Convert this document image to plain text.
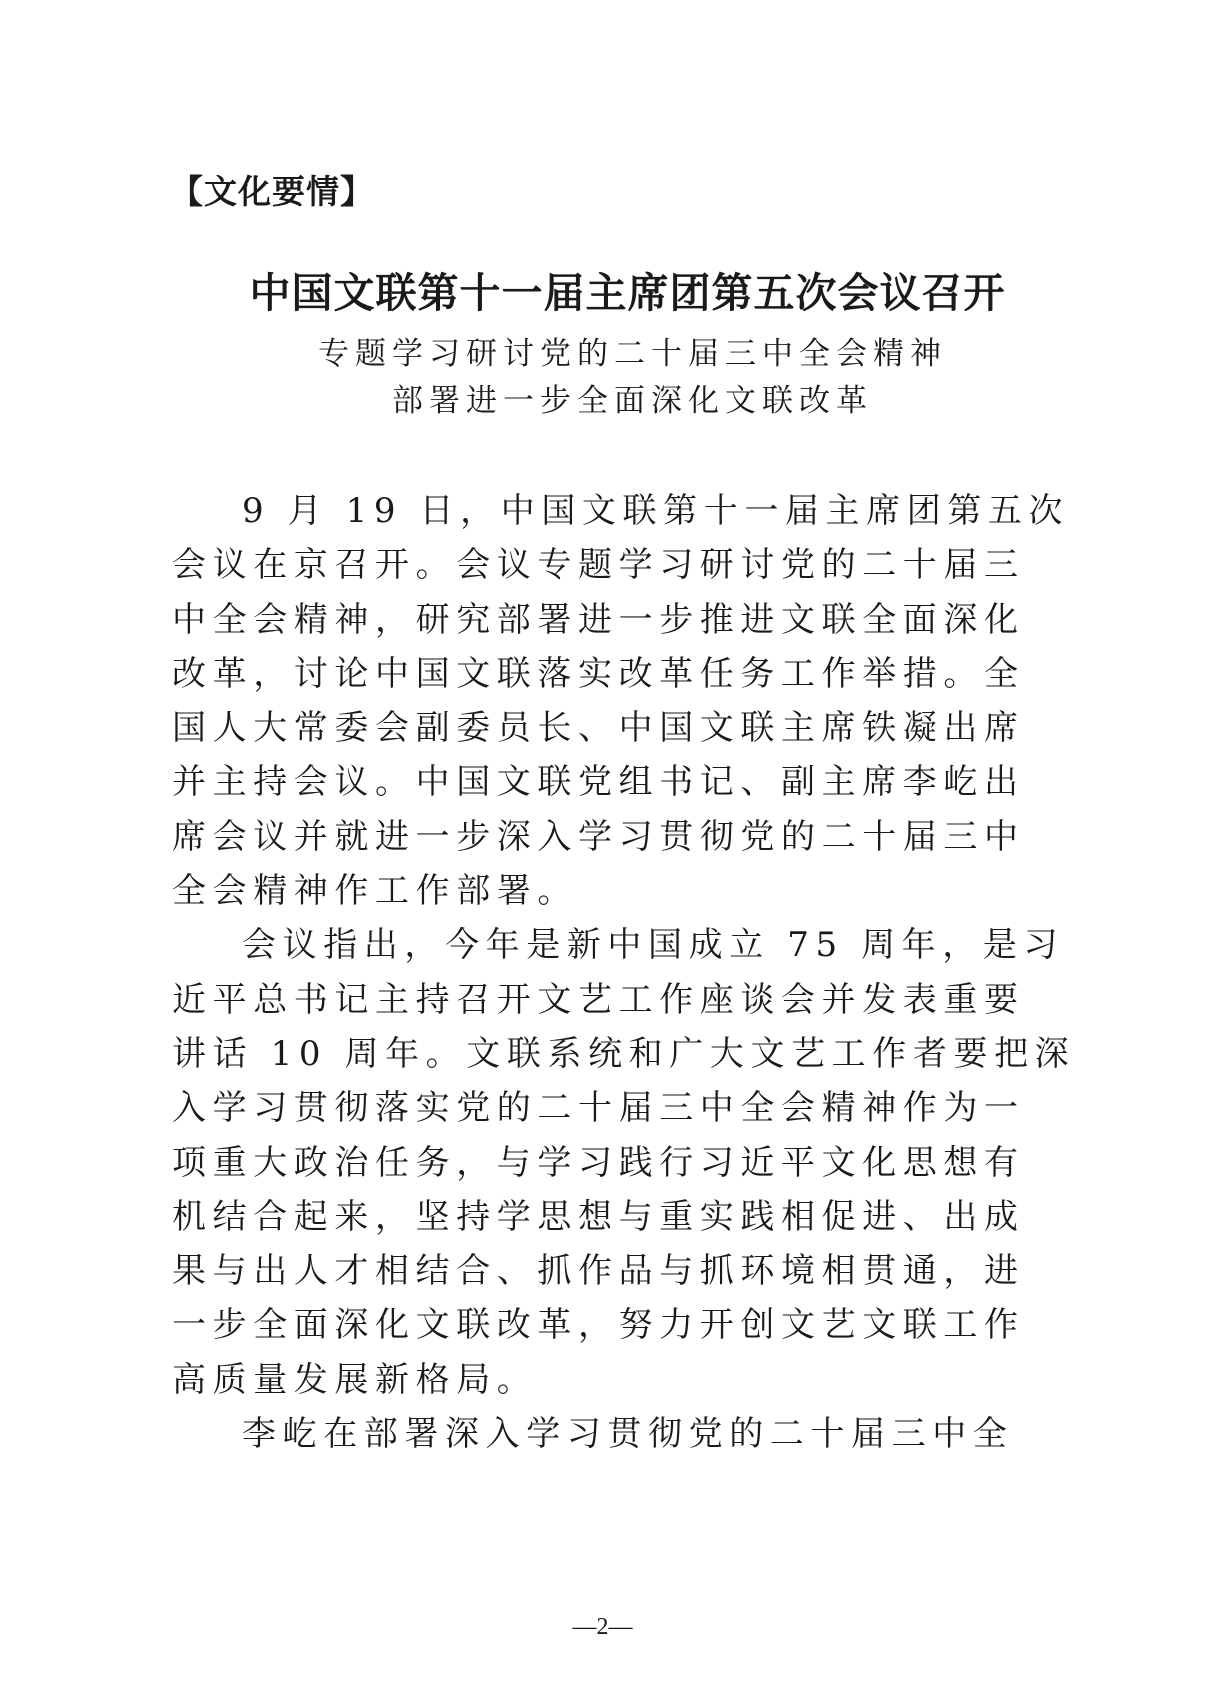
【文化要情】
中国文联第十一届主席团第五次会议召开
专题学习研讨党的二十届三中全会精神
部署进一步全面深化文联改革
9 月 19 日，中国文联第十一届主席团第五次
会议在京召开。会议专题学习研讨党的二十届三
中全会精神，研究部署进一步推进文联全面深化
改革，讨论中国文联落实改革任务工作举措。全
国人大常委会副委员长、中国文联主席铁凝出席
并主持会议。中国文联党组书记、副主席李屹出
席会议并就进一步深入学习贯彻党的二十届三中
全会精神作工作部署。
会议指出，今年是新中国成立 75 周年，是习
近平总书记主持召开文艺工作座谈会并发表重要
讲话 10 周年。文联系统和广大文艺工作者要把深
入学习贯彻落实党的二十届三中全会精神作为一
项重大政治任务，与学习践行习近平文化思想有
机结合起来，坚持学思想与重实践相促进、出成
果与出人才相结合、抓作品与抓环境相贯通，进
一步全面深化文联改革，努力开创文艺文联工作
高质量发展新格局。
李屹在部署深入学习贯彻党的二十届三中全
—2—
